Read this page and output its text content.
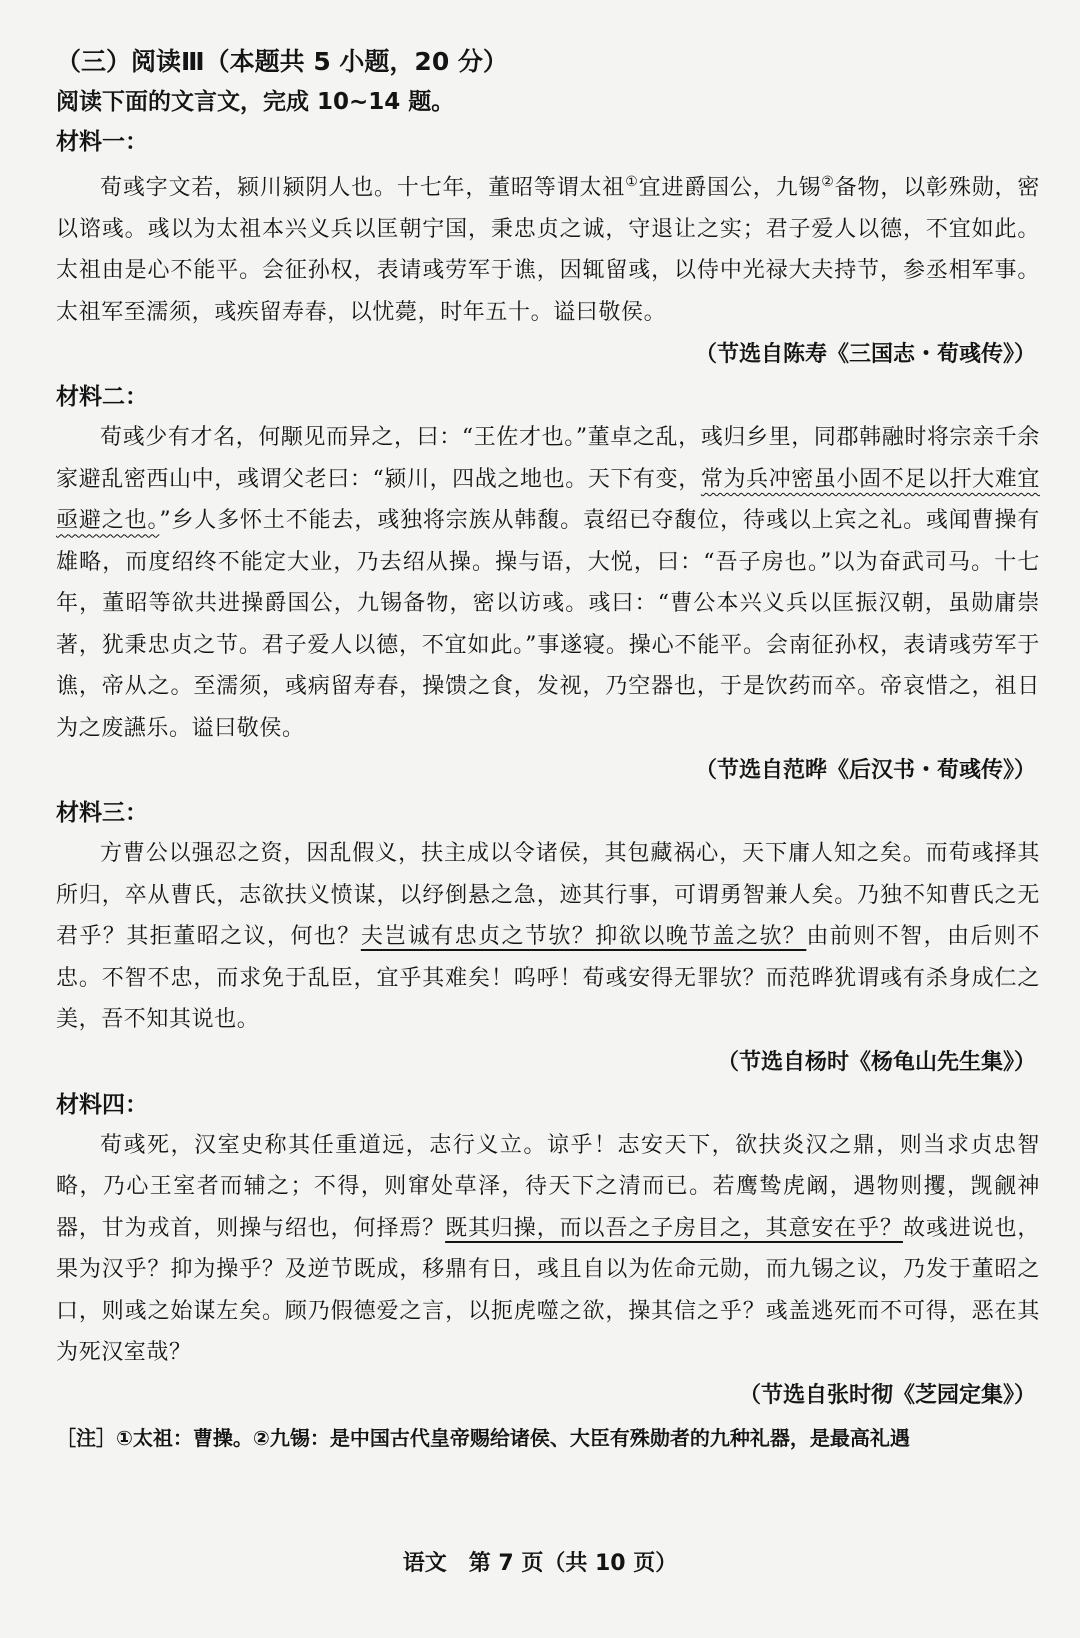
（三）阅读Ⅲ（本题共 5 小题，20 分）
阅读下面的文言文，完成 10~14 题。
材料一：

荀彧字文若，颍川颍阴人也。十七年，董昭等谓太祖①宜进爵国公，九锡②备物，以彰殊勋，密以谘彧。彧以为太祖本兴义兵以匡朝宁国，秉忠贞之诚，守退让之实；君子爱人以德，不宜如此。太祖由是心不能平。会征孙权，表请彧劳军于谯，因辄留彧，以侍中光禄大夫持节，参丞相军事。太祖军至濡须，彧疾留寿春，以忧薨，时年五十。谥曰敬侯。

（节选自陈寿《三国志・荀彧传》）
材料二：

荀彧少有才名，何颙见而异之，曰：“王佐才也。”董卓之乱，彧归乡里，同郡韩融时将宗亲千余家避乱密西山中，彧谓父老曰：“颍川，四战之地也。天下有变，常为兵冲密虽小固不足以扞大难宜亟避之也。”乡人多怀土不能去，彧独将宗族从韩馥。袁绍已夺馥位，待彧以上宾之礼。彧闻曹操有雄略，而度绍终不能定大业，乃去绍从操。操与语，大悦，曰：“吾子房也。”以为奋武司马。十七年，董昭等欲共进操爵国公，九锡备物，密以访彧。彧曰：“曹公本兴义兵以匡振汉朝，虽勋庸崇著，犹秉忠贞之节。君子爱人以德，不宜如此。”事遂寝。操心不能平。会南征孙权，表请彧劳军于谯，帝从之。至濡须，彧病留寿春，操馈之食，发视，乃空器也，于是饮药而卒。帝哀惜之，祖日为之废讌乐。谥曰敬侯。

（节选自范晔《后汉书・荀彧传》）
材料三：

方曹公以强忍之资，因乱假义，扶主成以令诸侯，其包藏祸心，天下庸人知之矣。而荀彧择其所归，卒从曹氏，志欲扶义愤谋，以纾倒悬之急，迹其行事，可谓勇智兼人矣。乃独不知曹氏之无君乎？其拒董昭之议，何也？夫岂诚有忠贞之节欤？抑欲以晚节盖之欤？由前则不智，由后则不忠。不智不忠，而求免于乱臣，宜乎其难矣！呜呼！荀彧安得无罪欤？而范晔犹谓彧有杀身成仁之美，吾不知其说也。

（节选自杨时《杨龟山先生集》）
材料四：

荀彧死，汉室史称其任重道远，志行义立。谅乎！志安天下，欲扶炎汉之鼎，则当求贞忠智略，乃心王室者而辅之；不得，则窜处草泽，待天下之清而已。若鹰鸷虎阚，遇物则攫，觊觎神器，甘为戎首，则操与绍也，何择焉？既其归操，而以吾之子房目之，其意安在乎？故彧进说也，果为汉乎？抑为操乎？及逆节既成，移鼎有日，彧且自以为佐命元勋，而九锡之议，乃发于董昭之口，则彧之始谋左矣。顾乃假德爱之言，以扼虎噬之欲，操其信之乎？彧盖逃死而不可得，恶在其为死汉室哉？

（节选自张时彻《芝园定集》）
［注］①太祖：曹操。②九锡：是中国古代皇帝赐给诸侯、大臣有殊勋者的九种礼器，是最高礼遇
语文　第 7 页（共 10 页）
